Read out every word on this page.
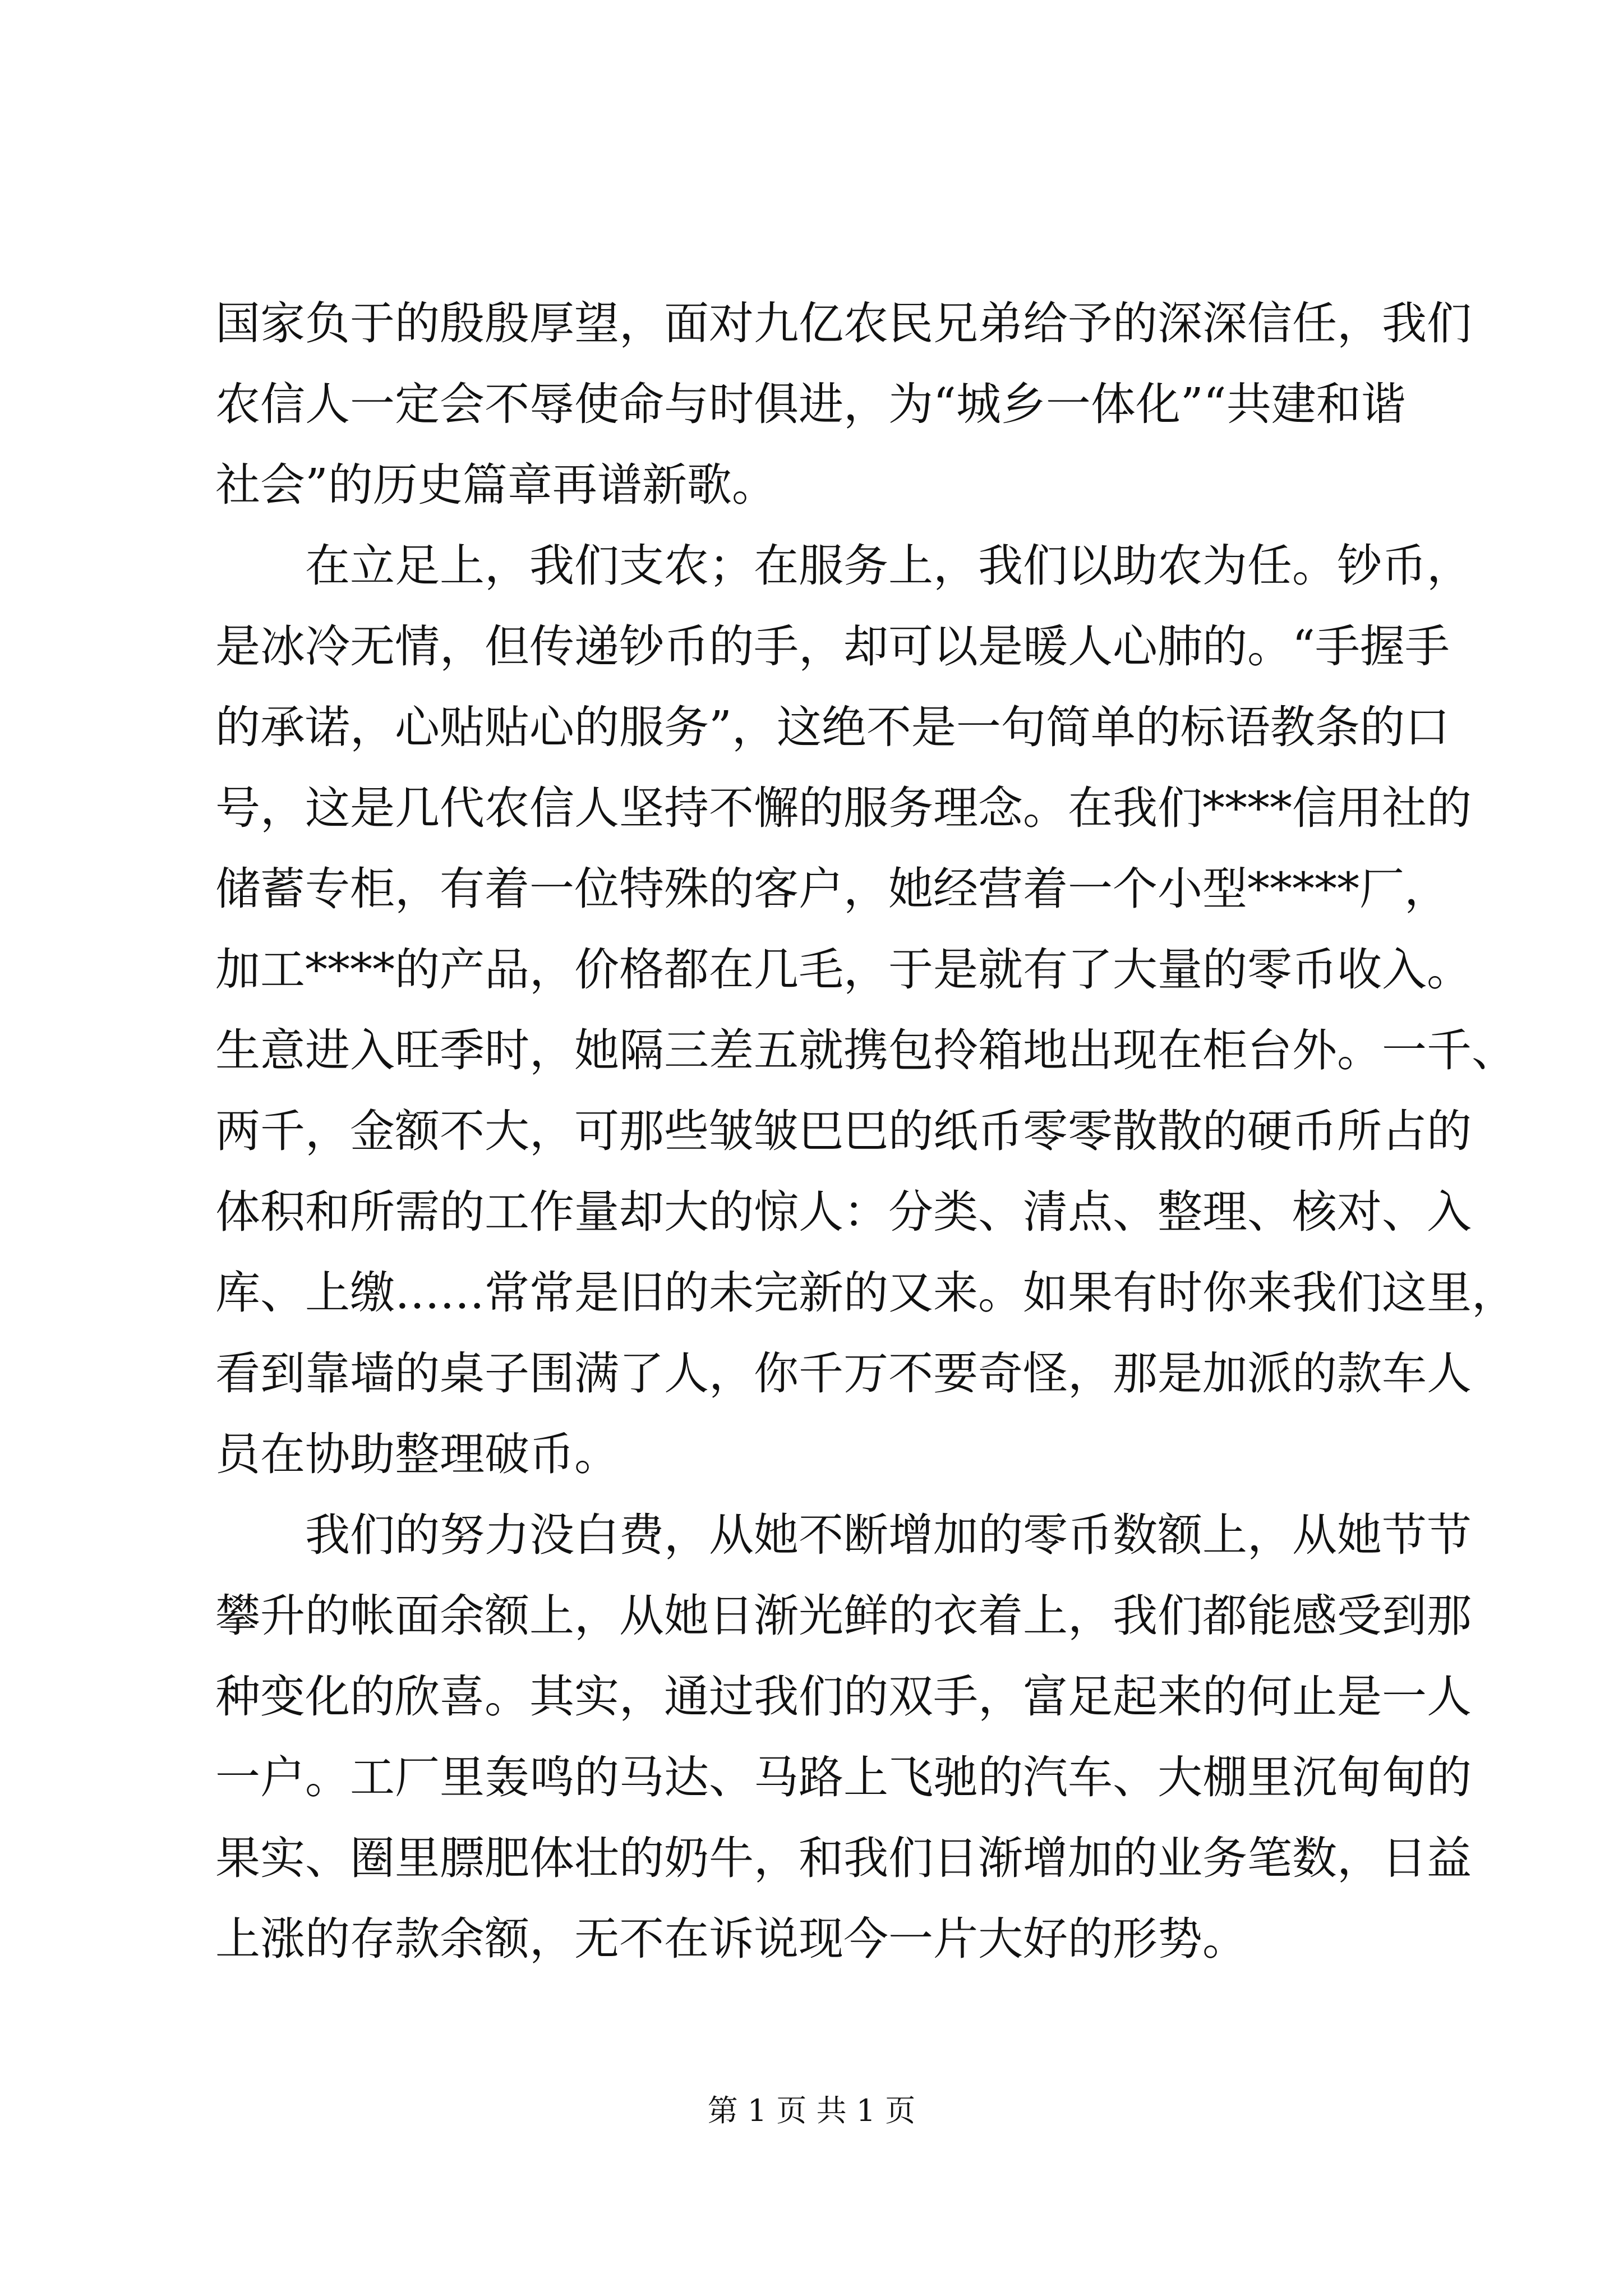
国家负于的殷殷厚望，面对九亿农民兄弟给予的深深信任，我们
农信人一定会不辱使命与时俱进，为“城乡一体化”“共建和谐
社会”的历史篇章再谱新歌。
　　在立足上，我们支农；在服务上，我们以助农为任。钞币，
是冰冷无情，但传递钞币的手，却可以是暖人心肺的。“手握手
的承诺，心贴贴心的服务”，这绝不是一句简单的标语教条的口
号，这是几代农信人坚持不懈的服务理念。在我们****信用社的
储蓄专柜，有着一位特殊的客户，她经营着一个小型*****厂，
加工****的产品，价格都在几毛，于是就有了大量的零币收入。
生意进入旺季时，她隔三差五就携包拎箱地出现在柜台外。一千、
两千，金额不大，可那些皱皱巴巴的纸币零零散散的硬币所占的
体积和所需的工作量却大的惊人：分类、清点、整理、核对、入
库、上缴……常常是旧的未完新的又来。如果有时你来我们这里，
看到靠墙的桌子围满了人，你千万不要奇怪，那是加派的款车人
员在协助整理破币。
　　我们的努力没白费，从她不断增加的零币数额上，从她节节
攀升的帐面余额上，从她日渐光鲜的衣着上，我们都能感受到那
种变化的欣喜。其实，通过我们的双手，富足起来的何止是一人
一户。工厂里轰鸣的马达、马路上飞驰的汽车、大棚里沉甸甸的
果实、圈里膘肥体壮的奶牛，和我们日渐增加的业务笔数，日益
上涨的存款余额，无不在诉说现今一片大好的形势。
第 1 页 共 1 页
